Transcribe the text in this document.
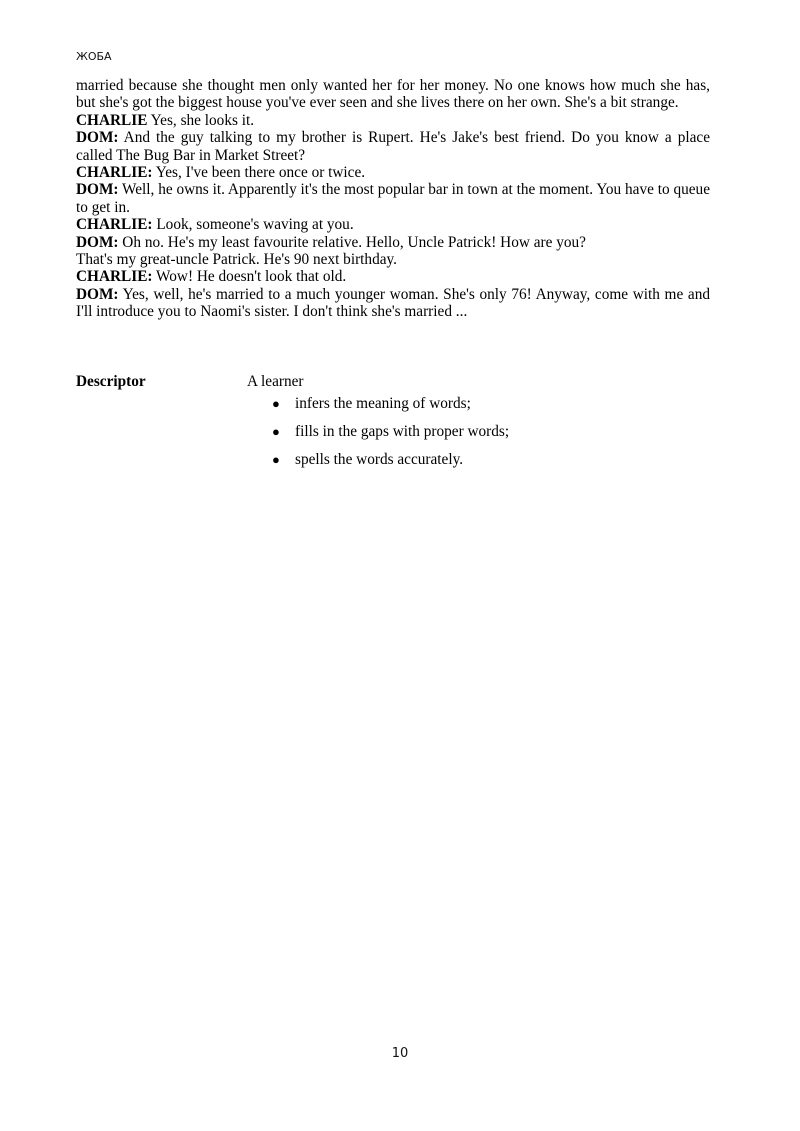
ЖОБА

married because she thought men only wanted her for her money. No one knows how much she has, but she's got the biggest house you've ever seen and she lives there on her own. She's a bit strange.

CHARLIE Yes, she looks it.

DOM: And the guy talking to my brother is Rupert. He's Jake's best friend. Do you know a place called The Bug Bar in Market Street?

CHARLIE: Yes, I've been there once or twice.

DOM: Well, he owns it. Apparently it's the most popular bar in town at the moment. You have to queue to get in.

CHARLIE: Look, someone's waving at you.

DOM: Oh no. He's my least favourite relative. Hello, Uncle Patrick! How are you?

That's my great-uncle Patrick. He's 90 next birthday.

CHARLIE: Wow! He doesn't look that old.

DOM: Yes, well, he's married to a much younger woman. She's only 76! Anyway, come with me and I'll introduce you to Naomi's sister. I don't think she's married ...

Descriptor	A learner
● infers the meaning of words;
● fills in the gaps with proper words;
● spells the words accurately.
10
